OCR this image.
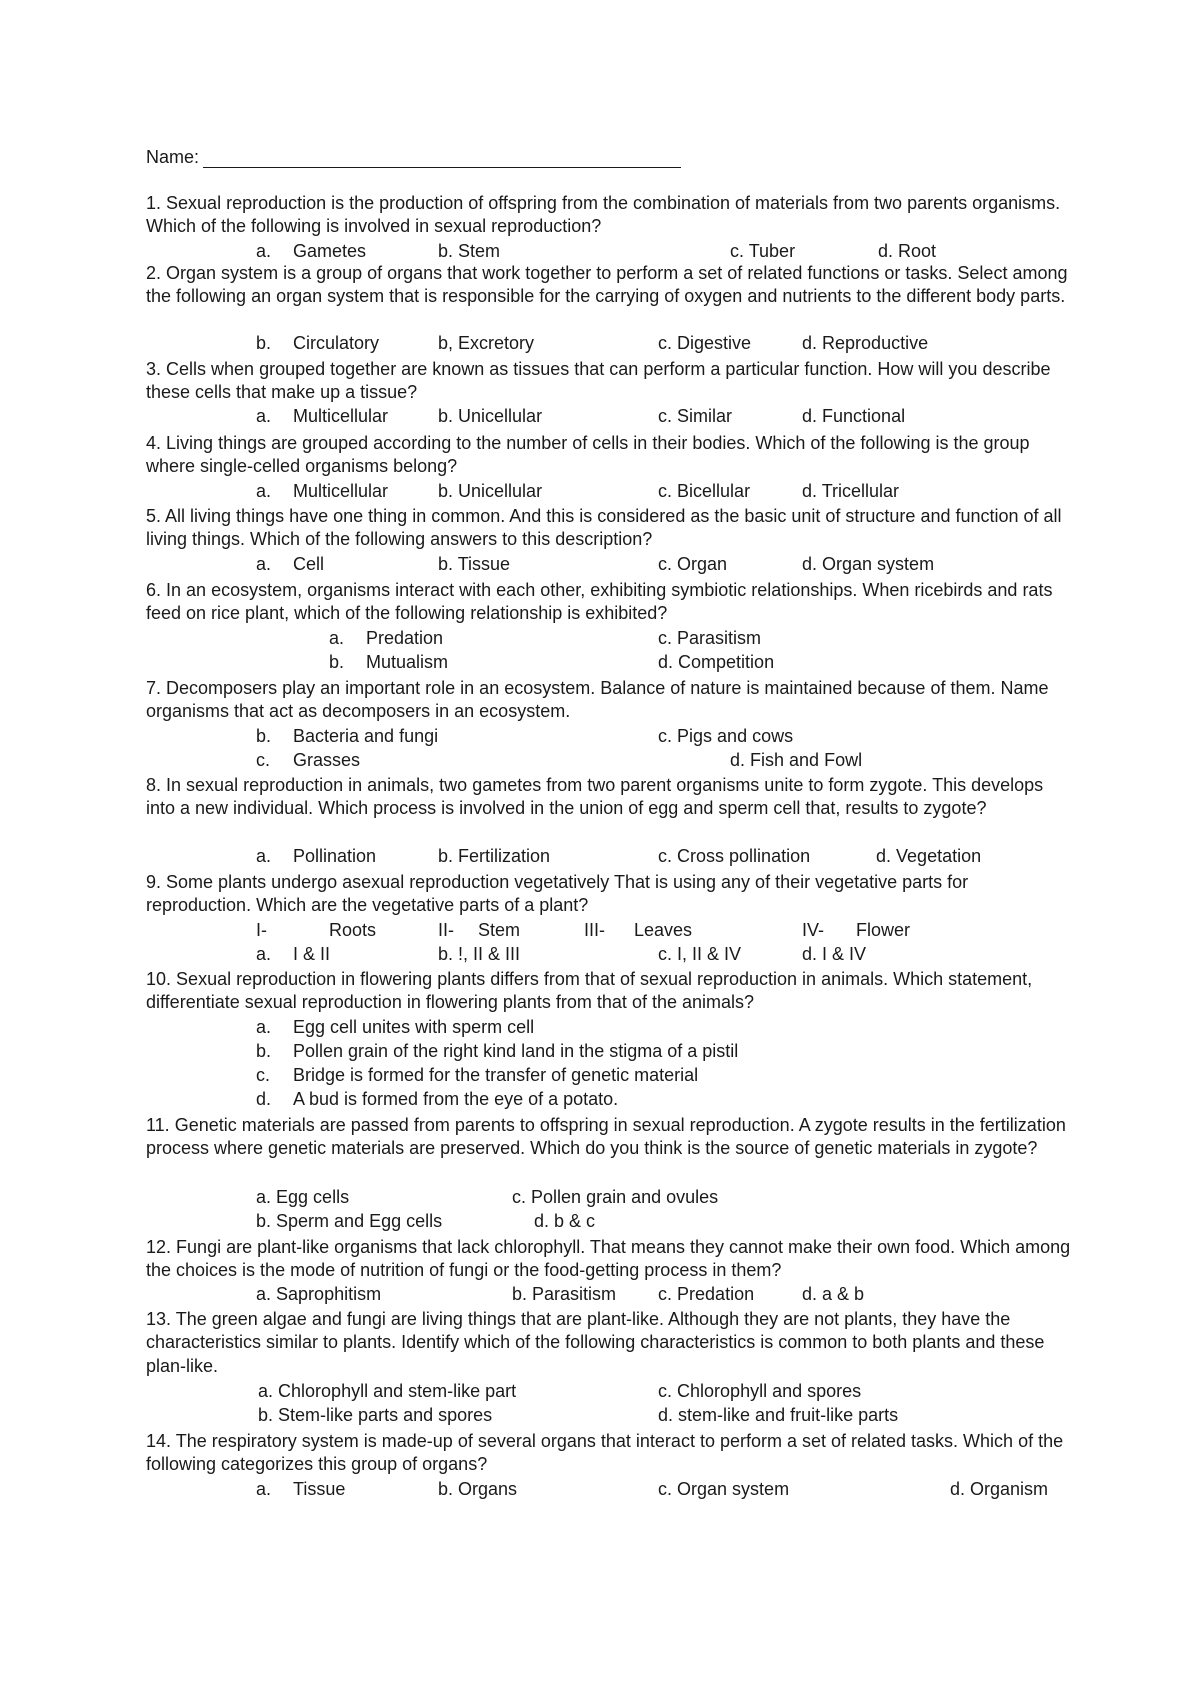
Name:

1. Sexual reproduction is the production of offspring from the combination of materials from two parents organisms. Which of the following is involved in sexual reproduction?

a. Gametes	b. Stem	c. Tuber	d. Root

2. Organ system is a group of organs that work together to perform a set of related functions or tasks. Select among the following an organ system that is responsible for the carrying of oxygen and nutrients to the different body parts.

b. Circulatory	b, Excretory	c. Digestive	d. Reproductive

3. Cells when grouped together are known as tissues that can perform a particular function. How will you describe these cells that make up a tissue?

a. Multicellular	b. Unicellular	c. Similar	d. Functional

4. Living things are grouped according to the number of cells in their bodies. Which of the following is the group where single-celled organisms belong?

a. Multicellular	b. Unicellular	c. Bicellular	d. Tricellular

5. All living things have one thing in common. And this is considered as the basic unit of structure and function of all living things. Which of the following answers to this description?

a. Cell	b. Tissue	c. Organ	d. Organ system

6. In an ecosystem, organisms interact with each other, exhibiting symbiotic relationships. When ricebirds and rats feed on rice plant, which of the following relationship is exhibited?

a. Predation	c. Parasitism
b. Mutualism	d. Competition

7. Decomposers play an important role in an ecosystem. Balance of nature is maintained because of them. Name organisms that act as decomposers in an ecosystem.

b. Bacteria and fungi	c. Pigs and cows
c. Grasses	d. Fish and Fowl

8. In sexual reproduction in animals, two gametes from two parent organisms unite to form zygote. This develops into a new individual. Which process is involved in the union of egg and sperm cell that, results to zygote?

a. Pollination	b. Fertilization	c. Cross pollination	d. Vegetation

9. Some plants undergo asexual reproduction vegetatively That is using any of their vegetative parts for reproduction. Which are the vegetative parts of a plant?

I-	Roots	II- Stem	III- Leaves	IV- Flower
a. I & II	b. !, II & III	c. I, II & IV	d. I & IV

10. Sexual reproduction in flowering plants differs from that of sexual reproduction in animals. Which statement, differentiate sexual reproduction in flowering plants from that of the animals?

a. Egg cell unites with sperm cell
b. Pollen grain of the right kind land in the stigma of a pistil
c. Bridge is formed for the transfer of genetic material
d. A bud is formed from the eye of a potato.

11. Genetic materials are passed from parents to offspring in sexual reproduction. A zygote results in the fertilization process where genetic materials are preserved. Which do you think is the source of genetic materials in zygote?

a. Egg cells	c. Pollen grain and ovules
b. Sperm and Egg cells	d. b & c

12. Fungi are plant-like organisms that lack chlorophyll. That means they cannot make their own food. Which among the choices is the mode of nutrition of fungi or the food-getting process in them?

a. Saprophitism	b. Parasitism c. Predation	d. a & b

13. The green algae and fungi are living things that are plant-like. Although they are not plants, they have the characteristics similar to plants. Identify which of the following characteristics is common to both plants and these plan-like.

a. Chlorophyll and stem-like part	c. Chlorophyll and spores
b. Stem-like parts and spores	d. stem-like and fruit-like parts

14. The respiratory system is made-up of several organs that interact to perform a set of related tasks. Which of the following categorizes this group of organs?

a. Tissue	b. Organs	c. Organ system	d. Organism
